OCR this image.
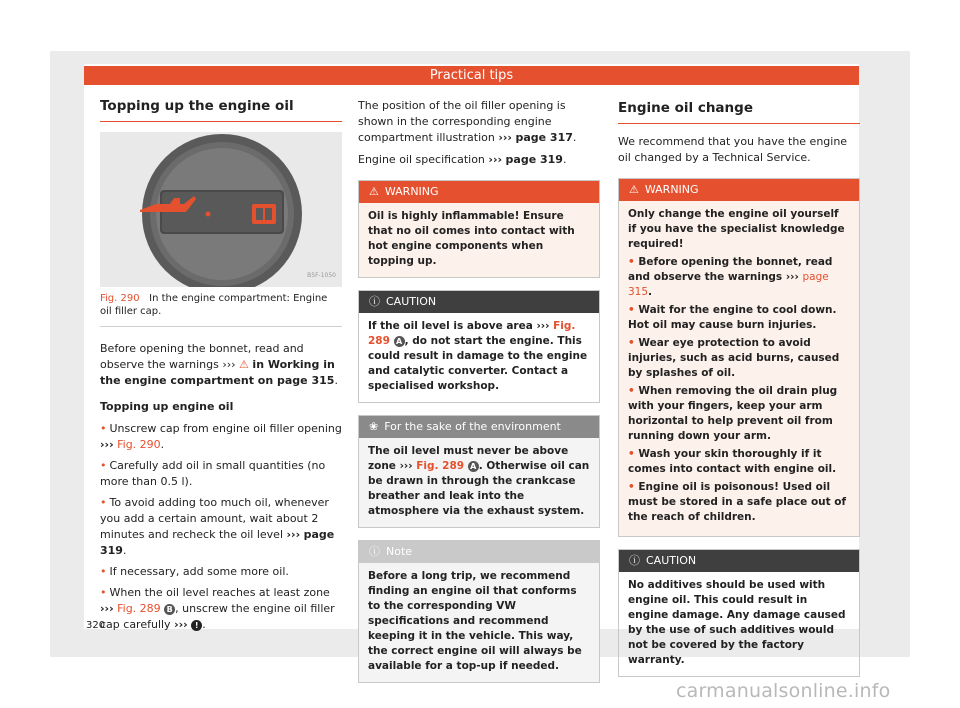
Practical tips
Topping up the engine oil
B5F-1050
Fig. 290 In the engine compartment: Engine oil filler cap.

Before opening the bonnet, read and observe the warnings ››› ⚠ in Working in the engine compartment on page 315.

Topping up engine oil

• Unscrew cap from engine oil filler opening ››› Fig. 290.
• Carefully add oil in small quantities (no more than 0.5 l).
• To avoid adding too much oil, whenever you add a certain amount, wait about 2 minutes and recheck the oil level ››› page 319.
• If necessary, add some more oil.
• When the oil level reaches at least zone ››› Fig. 289 B , unscrew the engine oil filler cap carefully ››› ! .

The position of the oil filler opening is shown in the corresponding engine compartment illustration ››› page 317.

Engine oil specification ››› page 319.

⚠ WARNING
Oil is highly inflammable! Ensure that no oil comes into contact with hot engine components when topping up.
ⓘ CAUTION
If the oil level is above area ››› Fig. 289 A , do not start the engine. This could result in damage to the engine and catalytic converter. Contact a specialised workshop.
❀ For the sake of the environment
The oil level must never be above zone ››› Fig. 289 A . Otherwise oil can be drawn in through the crankcase breather and leak into the atmosphere via the exhaust system.
ⓘ Note
Before a long trip, we recommend finding an engine oil that conforms to the corresponding VW specifications and recommend keeping it in the vehicle. This way, the correct engine oil will always be available for a top-up if needed.
Engine oil change

We recommend that you have the engine oil changed by a Technical Service.

⚠ WARNING
Only change the engine oil yourself if you have the specialist knowledge required!
• Before opening the bonnet, read and observe the warnings ››› page 315.
• Wait for the engine to cool down. Hot oil may cause burn injuries.
• Wear eye protection to avoid injuries, such as acid burns, caused by splashes of oil.
• When removing the oil drain plug with your fingers, keep your arm horizontal to help prevent oil from running down your arm.
• Wash your skin thoroughly if it comes into contact with engine oil.
• Engine oil is poisonous! Used oil must be stored in a safe place out of the reach of children.
ⓘ CAUTION
No additives should be used with engine oil. This could result in engine damage. Any damage caused by the use of such additives would not be covered by the factory warranty.
320
carmanualsonline.info
